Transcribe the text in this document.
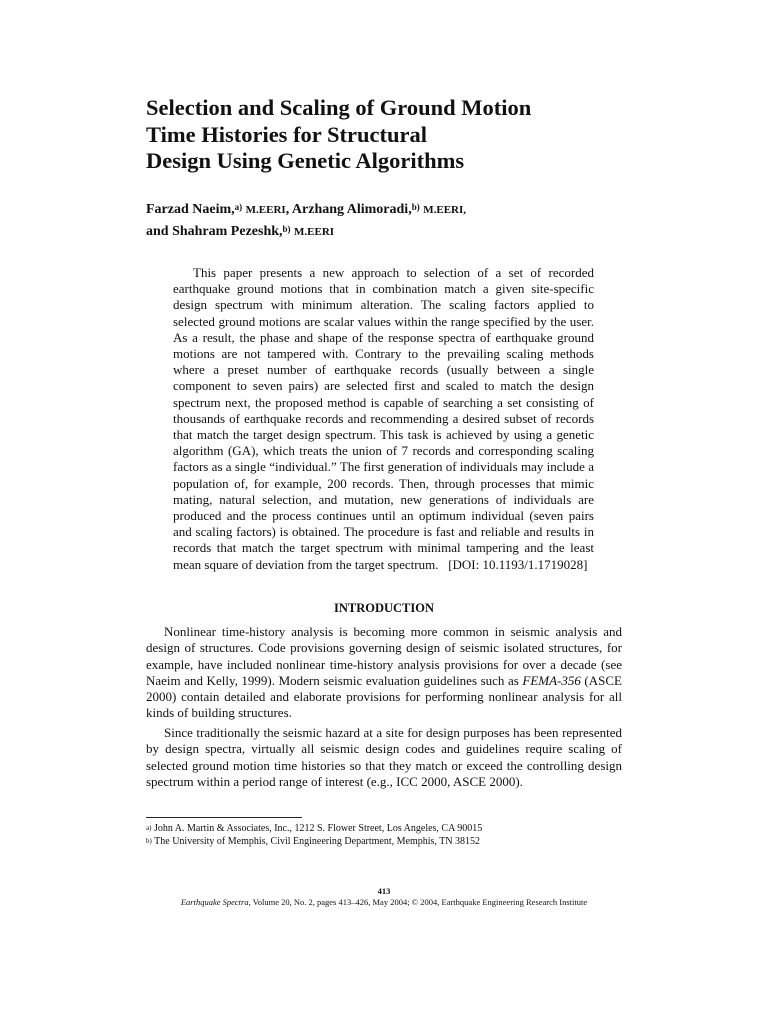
Selection and Scaling of Ground Motion
Time Histories for Structural
Design Using Genetic Algorithms
Farzad Naeim,$^{a)}$ M.EERI, Arzhang Alimoradi,$^{b)}$ M.EERI,
and Shahram Pezeshk,$^{b)}$ M.EERI

This paper presents a new approach to selection of a set of recorded earthquake ground motions that in combination match a given site-specific design spectrum with minimum alteration. The scaling factors applied to selected ground motions are scalar values within the range specified by the user. As a result, the phase and shape of the response spectra of earthquake ground motions are not tampered with. Contrary to the prevailing scaling methods where a preset number of earthquake records (usually between a single component to seven pairs) are selected first and scaled to match the design spectrum next, the proposed method is capable of searching a set consisting of thousands of earthquake records and recommending a desired subset of records that match the target design spectrum. This task is achieved by using a genetic algorithm (GA), which treats the union of 7 records and corresponding scaling factors as a single “individual.” The first generation of individuals may include a population of, for example, 200 records. Then, through processes that mimic mating, natural selection, and mutation, new generations of individuals are produced and the process continues until an optimum individual (seven pairs and scaling factors) is obtained. The procedure is fast and reliable and results in records that match the target spectrum with minimal tampering and the least mean square of deviation from the target spectrum. [DOI: 10.1193/1.1719028]

INTRODUCTION

Nonlinear time-history analysis is becoming more common in seismic analysis and design of structures. Code provisions governing design of seismic isolated structures, for example, have included nonlinear time-history analysis provisions for over a decade (see Naeim and Kelly, 1999). Modern seismic evaluation guidelines such as FEMA-356 (ASCE 2000) contain detailed and elaborate provisions for performing nonlinear analysis for all kinds of building structures.

Since traditionally the seismic hazard at a site for design purposes has been represented by design spectra, virtually all seismic design codes and guidelines require scaling of selected ground motion time histories so that they match or exceed the controlling design spectrum within a period range of interest (e.g., ICC 2000, ASCE 2000).

$^{a)}$ John A. Martin & Associates, Inc., 1212 S. Flower Street, Los Angeles, CA 90015
$^{b)}$ The University of Memphis, Civil Engineering Department, Memphis, TN 38152
413
Earthquake Spectra, Volume 20, No. 2, pages 413–426, May 2004; © 2004, Earthquake Engineering Research Institute
